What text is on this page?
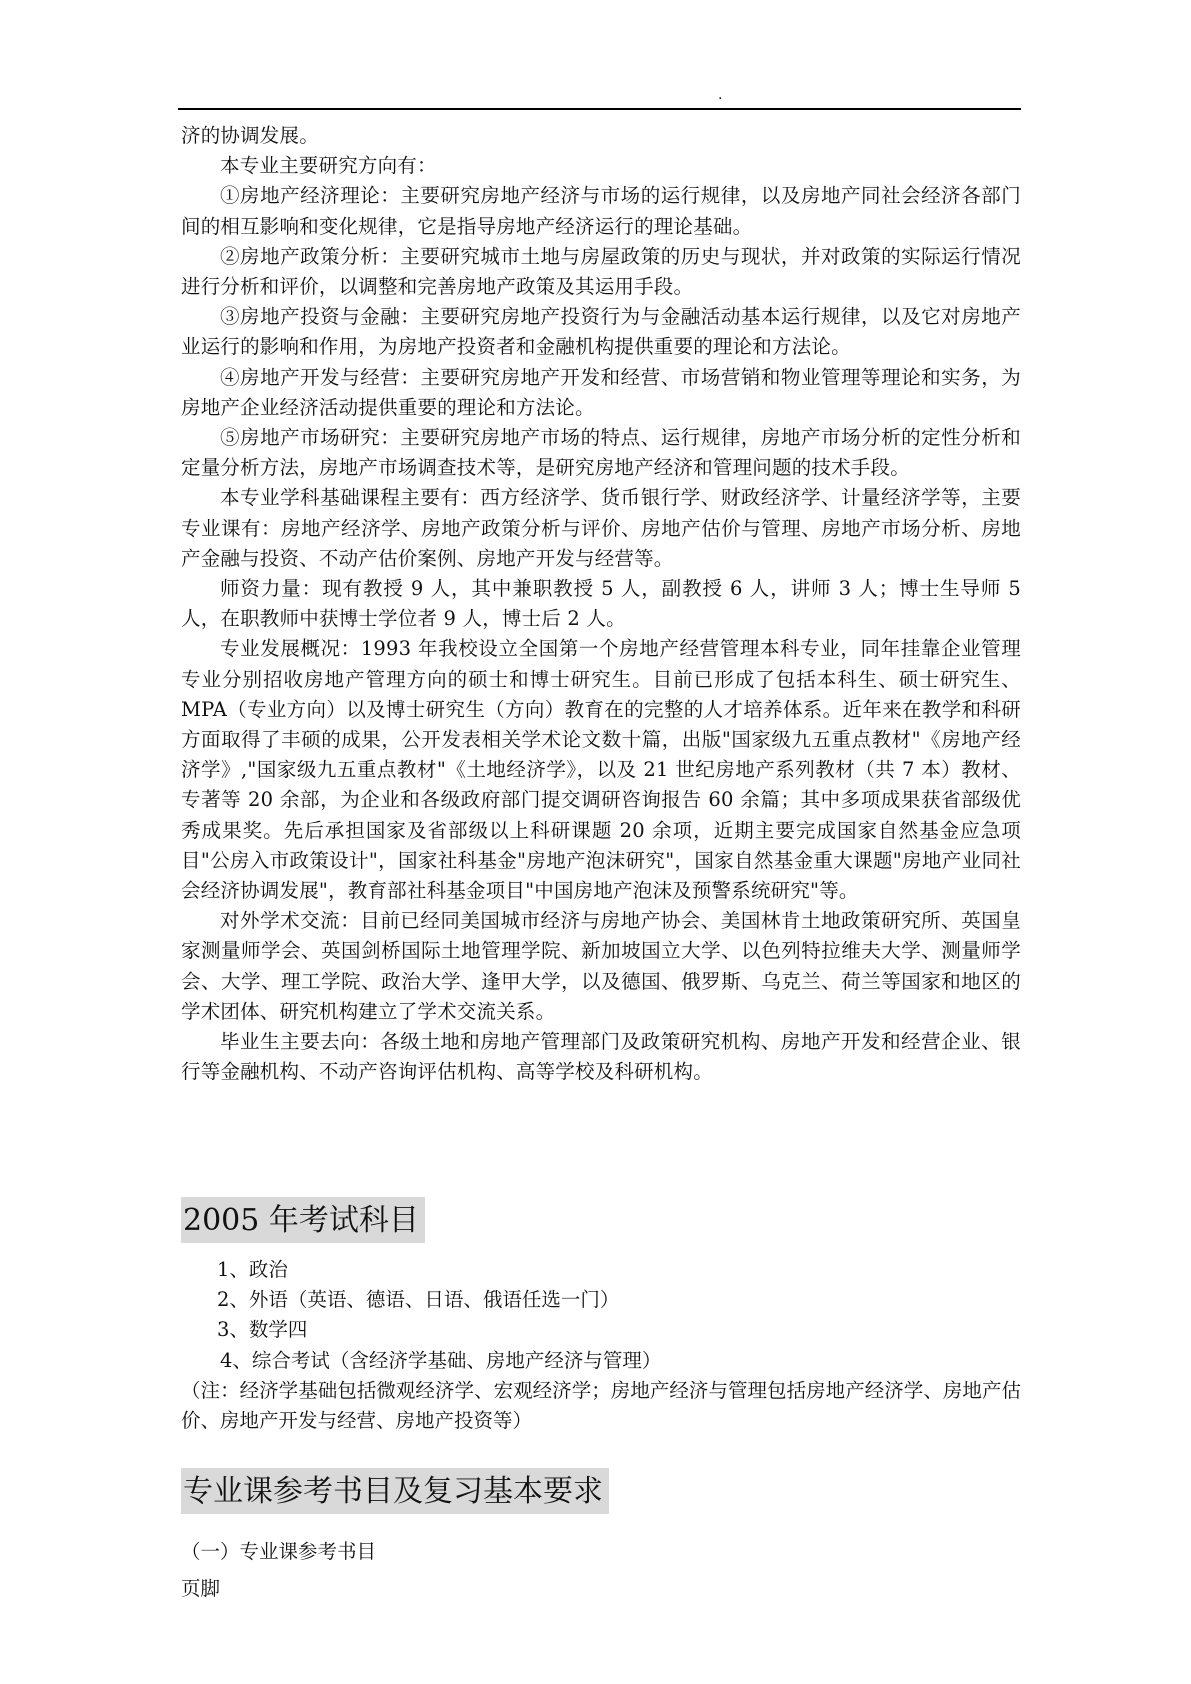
.

济的协调发展。

本专业主要研究方向有：

①房地产经济理论：主要研究房地产经济与市场的运行规律，以及房地产同社会经济各部门间的相互影响和变化规律，它是指导房地产经济运行的理论基础。

②房地产政策分析：主要研究城市土地与房屋政策的历史与现状，并对政策的实际运行情况进行分析和评价，以调整和完善房地产政策及其运用手段。

③房地产投资与金融：主要研究房地产投资行为与金融活动基本运行规律，以及它对房地产业运行的影响和作用，为房地产投资者和金融机构提供重要的理论和方法论。

④房地产开发与经营：主要研究房地产开发和经营、市场营销和物业管理等理论和实务，为房地产企业经济活动提供重要的理论和方法论。

⑤房地产市场研究：主要研究房地产市场的特点、运行规律，房地产市场分析的定性分析和定量分析方法，房地产市场调查技术等，是研究房地产经济和管理问题的技术手段。

本专业学科基础课程主要有：西方经济学、货币银行学、财政经济学、计量经济学等，主要专业课有：房地产经济学、房地产政策分析与评价、房地产估价与管理、房地产市场分析、房地产金融与投资、不动产估价案例、房地产开发与经营等。

师资力量：现有教授 9 人，其中兼职教授 5 人，副教授 6 人，讲师 3 人；博士生导师 5 人，在职教师中获博士学位者 9 人，博士后 2 人。

专业发展概况：1993 年我校设立全国第一个房地产经营管理本科专业，同年挂靠企业管理专业分别招收房地产管理方向的硕士和博士研究生。目前已形成了包括本科生、硕士研究生、MPA（专业方向）以及博士研究生（方向）教育在的完整的人才培养体系。近年来在教学和科研方面取得了丰硕的成果，公开发表相关学术论文数十篇，出版"国家级九五重点教材"《房地产经济学》,"国家级九五重点教材"《土地经济学》，以及 21 世纪房地产系列教材（共 7 本）教材、专著等 20 余部，为企业和各级政府部门提交调研咨询报告 60 余篇；其中多项成果获省部级优秀成果奖。先后承担国家及省部级以上科研课题 20 余项，近期主要完成国家自然基金应急项目"公房入市政策设计"，国家社科基金"房地产泡沫研究"，国家自然基金重大课题"房地产业同社会经济协调发展"，教育部社科基金项目"中国房地产泡沫及预警系统研究"等。

对外学术交流：目前已经同美国城市经济与房地产协会、美国林肯土地政策研究所、英国皇家测量师学会、英国剑桥国际土地管理学院、新加坡国立大学、以色列特拉维夫大学、测量师学会、大学、理工学院、政治大学、逢甲大学，以及德国、俄罗斯、乌克兰、荷兰等国家和地区的学术团体、研究机构建立了学术交流关系。

毕业生主要去向：各级土地和房地产管理部门及政策研究机构、房地产开发和经营企业、银行等金融机构、不动产咨询评估机构、高等学校及科研机构。

2005 年考试科目

1、政治

2、外语（英语、德语、日语、俄语任选一门）

3、数学四

4、综合考试（含经济学基础、房地产经济与管理）

（注：经济学基础包括微观经济学、宏观经济学；房地产经济与管理包括房地产经济学、房地产估价、房地产开发与经营、房地产投资等）

专业课参考书目及复习基本要求
（一）专业课参考书目
页脚
